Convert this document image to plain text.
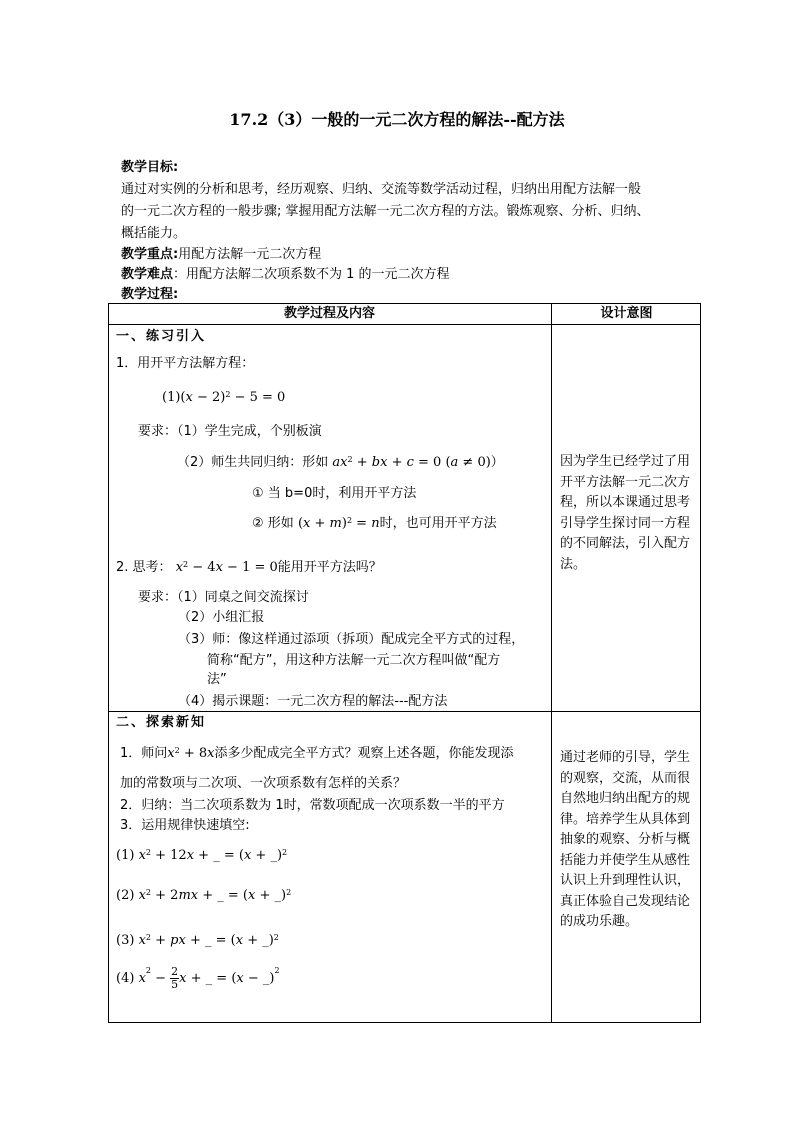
17.2（3）一般的一元二次方程的解法--配方法
教学目标:
通过对实例的分析和思考，经历观察、归纳、交流等数学活动过程，归纳出用配方法解一般
的一元二次方程的一般步骤; 掌握用配方法解一元二次方程的方法。锻炼观察、分析、归纳、
概括能力。
教学重点:用配方法解一元二次方程
教学难点：用配方法解二次项系数不为 1 的一元二次方程
教学过程:
教学过程及内容	设计意图
一、练习引入
1．用开平方法解方程：
$(1)(x - 2)^2 - 5 = 0$
要求：（1）学生完成，个别板演
（2）师生共同归纳：形如 $ax^2$ + bx + c = 0 (a ≠ 0)）
① 当 b=0时，利用开平方法
② 形如 $(x + m)^2 = n$时，也可用开平方法
2. 思考： $x^2 - 4x - 1 = 0$能用开平方法吗？
要求：（1）同桌之间交流探讨
（2）小组汇报
（3）师：像这样通过添项（拆项）配成完全平方式的过程，
简称“配方”，用这种方法解一元二次方程叫做“配方
法”
（4）揭示课题：一元二次方程的解法---配方法
因为学生已经学过了用开平方法解一元二次方程，所以本课通过思考引导学生探讨同一方程的不同解法，引入配方法。
二、探索新知
1．师问$x^2 + 8x$添多少配成完全平方式？观察上述各题，你能发现添
加的常数项与二次项、一次项系数有怎样的关系？
2．归纳：当二次项系数为 1时，常数项配成一次项系数一半的平方
3．运用规律快速填空:
(1) $x^2 + 12x$ + _ = (x + _)$^2$
(2) $x^2 + 2mx$ + _ = (x + _)$^2$
(3) $x^2$ + px + _ = (x + _)$^2$
(4) $x^2 - \frac{2}{5}$ x + _ = (x − _)$^2$
通过老师的引导，学生的观察，交流，从而很自然地归纳出配方的规律。培养学生从具体到抽象的观察、分析与概括能力并使学生从感性认识上升到理性认识，真正体验自己发现结论的成功乐趣。
